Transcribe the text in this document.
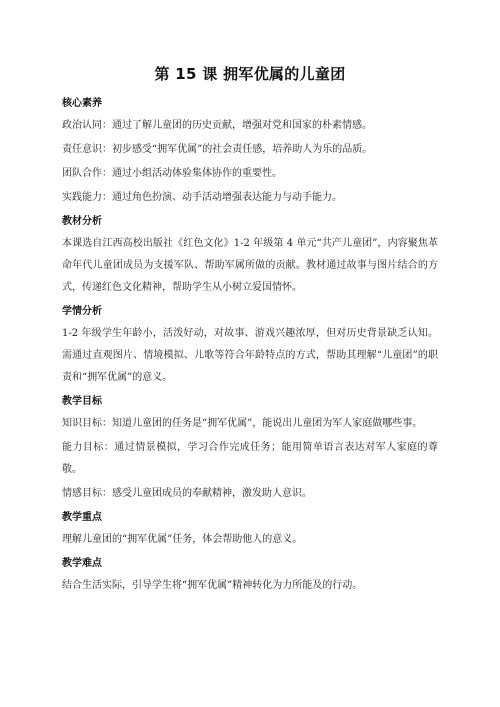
第 15 课 拥军优属的儿童团
核心素养
政治认同：通过了解儿童团的历史贡献，增强对党和国家的朴素情感。
责任意识：初步感受“拥军优属”的社会责任感，培养助人为乐的品质。
团队合作：通过小组活动体验集体协作的重要性。
实践能力：通过角色扮演、动手活动增强表达能力与动手能力。
教材分析
本课选自江西高校出版社《红色文化》1-2 年级第 4 单元“共产儿童团”，内容聚焦革命年代儿童团成员为支援军队、帮助军属所做的贡献。教材通过故事与图片结合的方式，传递红色文化精神，帮助学生从小树立爱国情怀。
学情分析
1-2 年级学生年龄小，活泼好动，对故事、游戏兴趣浓厚，但对历史背景缺乏认知。需通过直观图片、情境模拟、儿歌等符合年龄特点的方式，帮助其理解“儿童团”的职责和“拥军优属”的意义。
教学目标
知识目标：知道儿童团的任务是“拥军优属”，能说出儿童团为军人家庭做哪些事。
能力目标：通过情景模拟，学习合作完成任务；能用简单语言表达对军人家庭的尊敬。
情感目标：感受儿童团成员的奉献精神，激发助人意识。
教学重点
理解儿童团的“拥军优属”任务，体会帮助他人的意义。
教学难点
结合生活实际，引导学生将“拥军优属”精神转化为力所能及的行动。
